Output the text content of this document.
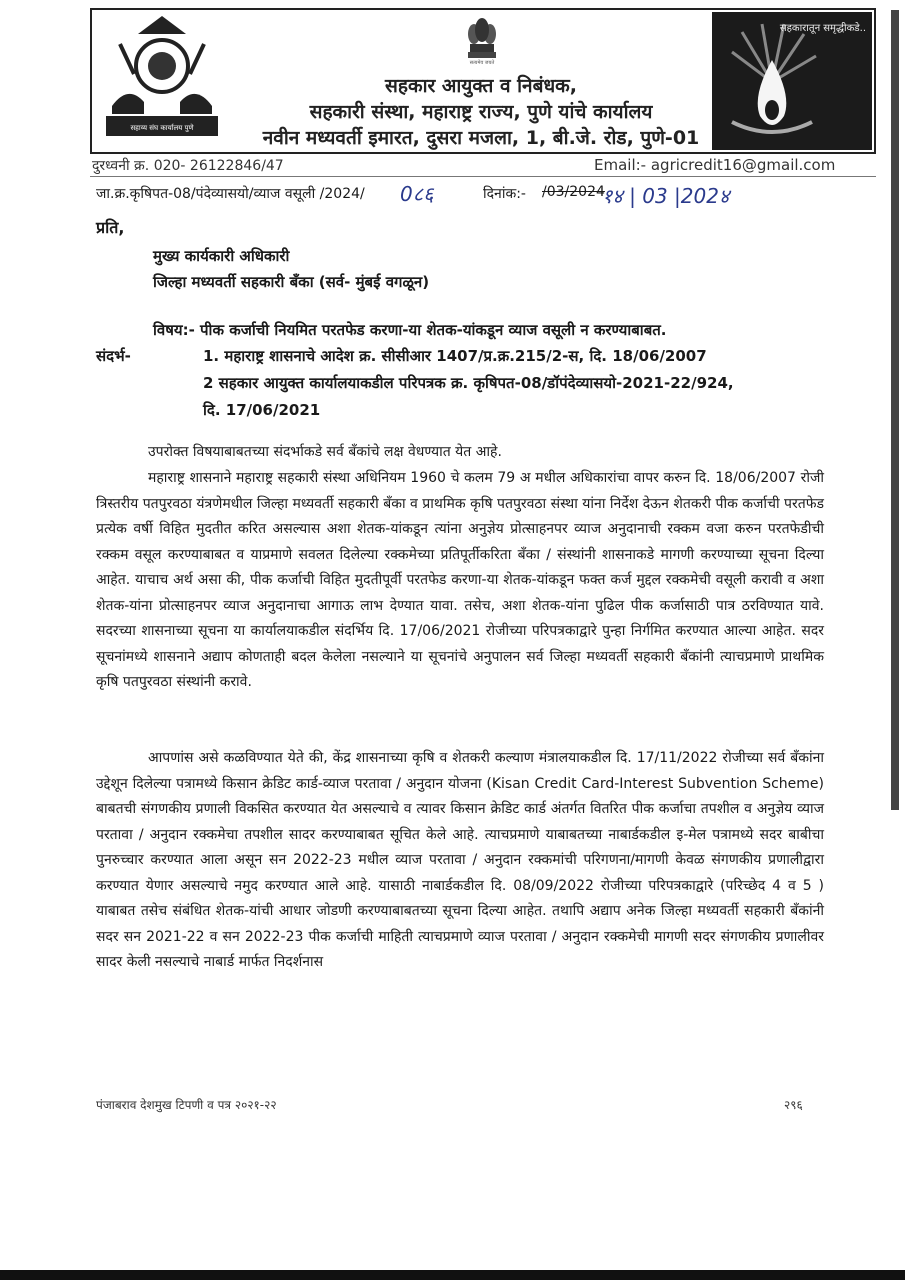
सहाय्य संघ कार्यालय पुणे
सत्यमेव जयते
सहकारातून समृद्धीकडे..
सहकार आयुक्त व निबंधक,
सहकारी संस्था, महाराष्ट्र राज्य, पुणे यांचे कार्यालय
नवीन मध्यवर्ती इमारत, दुसरा मजला, 1, बी.जे. रोड, पुणे-01
दुरध्वनी क्र. 020- 26122846/47	Email:- agricredit16@gmail.com
जा.क्र.कृषिपत-08/पंदेव्यासयो/व्याज वसूली /2024/ 0८६	दिनांक:- /03/2024
१४ | 03 |202४
प्रति,
मुख्य कार्यकारी अधिकारी
जिल्हा मध्यवर्ती सहकारी बँका (सर्व- मुंबई वगळून)
विषय:- पीक कर्जाची नियमित परतफेड करणा-या शेतक-यांकडून व्याज वसूली न करण्याबाबत.
संदर्भ-	1. महाराष्ट्र शासनाचे आदेश क्र. सीसीआर 1407/प्र.क्र.215/2-स, दि. 18/06/2007
2 सहकार आयुक्त कार्यालयाकडील परिपत्रक क्र. कृषिपत-08/डॉपंदेव्यासयो-2021-22/924,
दि. 17/06/2021
उपरोक्त विषयाबाबतच्या संदर्भाकडे सर्व बँकांचे लक्ष वेधण्यात येत आहे.
महाराष्ट्र शासनाने महाराष्ट्र सहकारी संस्था अधिनियम 1960 चे कलम 79 अ मधील अधिकारांचा वापर करुन दि. 18/06/2007 रोजी त्रिस्तरीय पतपुरवठा यंत्रणेमधील जिल्हा मध्यवर्ती सहकारी बँका व प्राथमिक कृषि पतपुरवठा संस्था यांना निर्देश देऊन शेतकरी पीक कर्जाची परतफेड प्रत्येक वर्षी विहित मुदतीत करित असल्यास अशा शेतक-यांकडून त्यांना अनुज्ञेय प्रोत्साहनपर व्याज अनुदानाची रक्कम वजा करुन परतफेडीची रक्कम वसूल करण्याबाबत व याप्रमाणे सवलत दिलेल्या रक्कमेच्या प्रतिपूर्तीकरिता बँका / संस्थांनी शासनाकडे मागणी करण्याच्या सूचना दिल्या आहेत. याचाच अर्थ असा की, पीक कर्जाची विहित मुदतीपूर्वी परतफेड करणा-या शेतक-यांकडून फक्त कर्ज मुद्दल रक्कमेची वसूली करावी व अशा शेतक-यांना प्रोत्साहनपर व्याज अनुदानाचा आगाऊ लाभ देण्यात यावा. तसेच, अशा शेतक-यांना पुढिल पीक कर्जासाठी पात्र ठरविण्यात यावे. सदरच्या शासनाच्या सूचना या कार्यालयाकडील संदर्भिय दि. 17/06/2021 रोजीच्या परिपत्रकाद्वारे पुन्हा निर्गमित करण्यात आल्या आहेत. सदर सूचनांमध्ये शासनाने अद्याप कोणताही बदल केलेला नसल्याने या सूचनांचे अनुपालन सर्व जिल्हा मध्यवर्ती सहकारी बँकांनी त्याचप्रमाणे प्राथमिक कृषि पतपुरवठा संस्थांनी करावे.
आपणांस असे कळविण्यात येते की, केंद्र शासनाच्या कृषि व शेतकरी कल्याण मंत्रालयाकडील दि. 17/11/2022 रोजीच्या सर्व बँकांना उद्देशून दिलेल्या पत्रामध्ये किसान क्रेडिट कार्ड-व्याज परतावा / अनुदान योजना (Kisan Credit Card-Interest Subvention Scheme) बाबतची संगणकीय प्रणाली विकसित करण्यात येत असल्याचे व त्यावर किसान क्रेडिट कार्ड अंतर्गत वितरित पीक कर्जाचा तपशील व अनुज्ञेय व्याज परतावा / अनुदान रक्कमेचा तपशील सादर करण्याबाबत सूचित केले आहे. त्याचप्रमाणे याबाबतच्या नाबार्डकडील इ-मेल पत्रामध्ये सदर बाबीचा पुनरुच्चार करण्यात आला असून सन 2022-23 मधील व्याज परतावा / अनुदान रक्कमांची परिगणना/मागणी केवळ संगणकीय प्रणालीद्वारा करण्यात येणार असल्याचे नमुद करण्यात आले आहे. यासाठी नाबार्डकडील दि. 08/09/2022 रोजीच्या परिपत्रकाद्वारे (परिच्छेद 4 व 5 ) याबाबत तसेच संबंधित शेतक-यांची आधार जोडणी करण्याबाबतच्या सूचना दिल्या आहेत. तथापि अद्याप अनेक जिल्हा मध्यवर्ती सहकारी बँकांनी सदर सन 2021-22 व सन 2022-23 पीक कर्जाची माहिती त्याचप्रमाणे व्याज परतावा / अनुदान रक्कमेची मागणी सदर संगणकीय प्रणालीवर सादर केली नसल्याचे नाबार्ड मार्फत निदर्शनास
पंजाबराव देशमुख टिपणी व पत्र २०२१-२२	२९६
